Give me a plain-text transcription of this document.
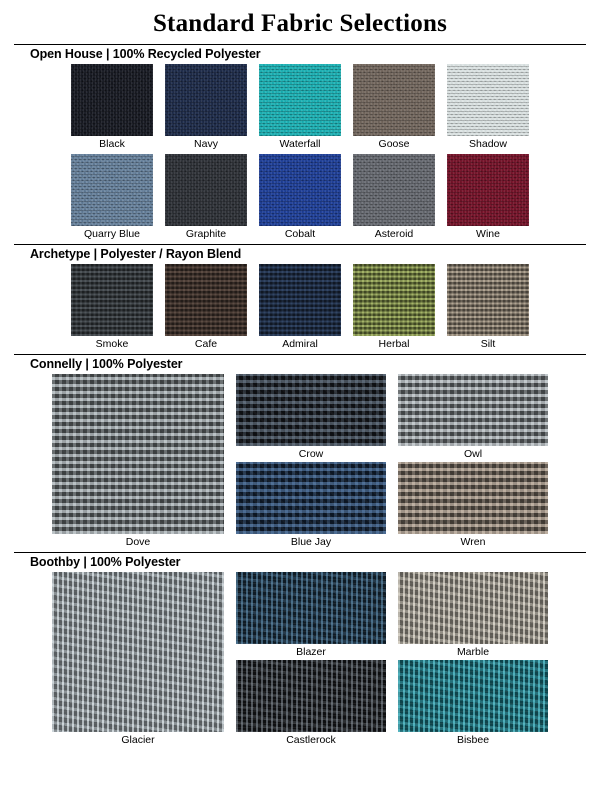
Standard Fabric Selections
Open House | 100% Recycled Polyester
Black	Navy	Waterfall	Goose	Shadow
Quarry Blue	Graphite	Cobalt	Asteroid	Wine
Archetype | Polyester / Rayon Blend
Smoke	Cafe	Admiral	Herbal	Silt
Connelly | 100% Polyester
Dove
Crow
Blue Jay
Owl
Wren
Boothby | 100% Polyester
Glacier
Blazer
Castlerock
Marble
Bisbee
